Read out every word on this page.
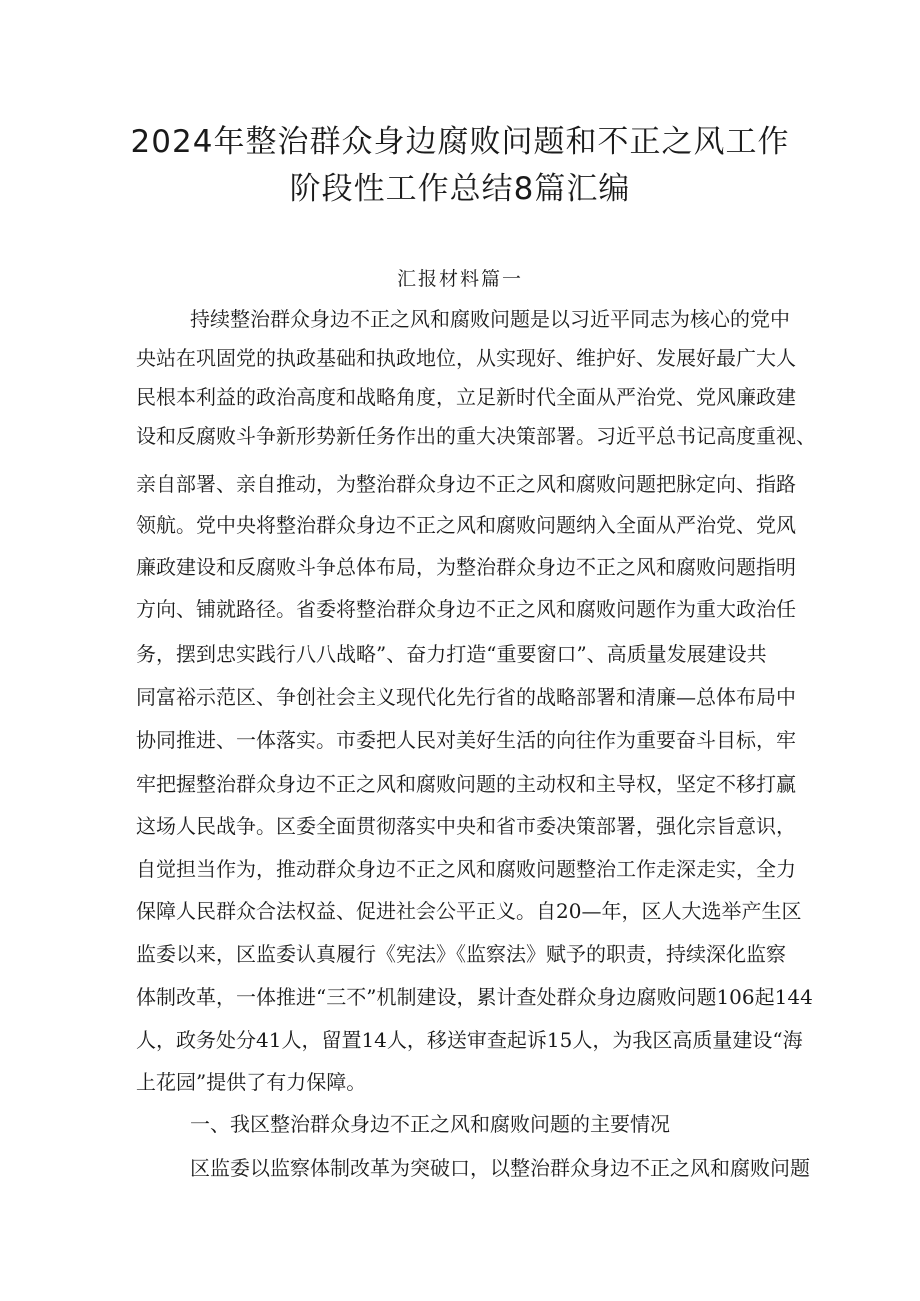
2024年整治群众身边腐败问题和不正之风工作
阶段性工作总结8篇汇编
汇报材料篇一
持续整治群众身边不正之风和腐败问题是以习近平同志为核心的党中
央站在巩固党的执政基础和执政地位，从实现好、维护好、发展好最广大人
民根本利益的政治高度和战略角度，立足新时代全面从严治党、党风廉政建
设和反腐败斗争新形势新任务作出的重大决策部署。习近平总书记高度重视、
亲自部署、亲自推动，为整治群众身边不正之风和腐败问题把脉定向、指路
领航。党中央将整治群众身边不正之风和腐败问题纳入全面从严治党、党风
廉政建设和反腐败斗争总体布局，为整治群众身边不正之风和腐败问题指明
方向、铺就路径。省委将整治群众身边不正之风和腐败问题作为重大政治任
务，摆到忠实践行八八战略”、奋力打造“重要窗口”、高质量发展建设共
同富裕示范区、争创社会主义现代化先行省的战略部署和清廉—总体布局中
协同推进、一体落实。市委把人民对美好生活的向往作为重要奋斗目标，牢
牢把握整治群众身边不正之风和腐败问题的主动权和主导权，坚定不移打赢
这场人民战争。区委全面贯彻落实中央和省市委决策部署，强化宗旨意识，
自觉担当作为，推动群众身边不正之风和腐败问题整治工作走深走实，全力
保障人民群众合法权益、促进社会公平正义。自20—年，区人大选举产生区
监委以来，区监委认真履行《宪法》《监察法》赋予的职责，持续深化监察
体制改革，一体推进“三不”机制建设，累计查处群众身边腐败问题106起144
人，政务处分41人，留置14人，移送审查起诉15人，为我区高质量建设“海
上花园”提供了有力保障。
一、我区整治群众身边不正之风和腐败问题的主要情况
区监委以监察体制改革为突破口，以整治群众身边不正之风和腐败问题
